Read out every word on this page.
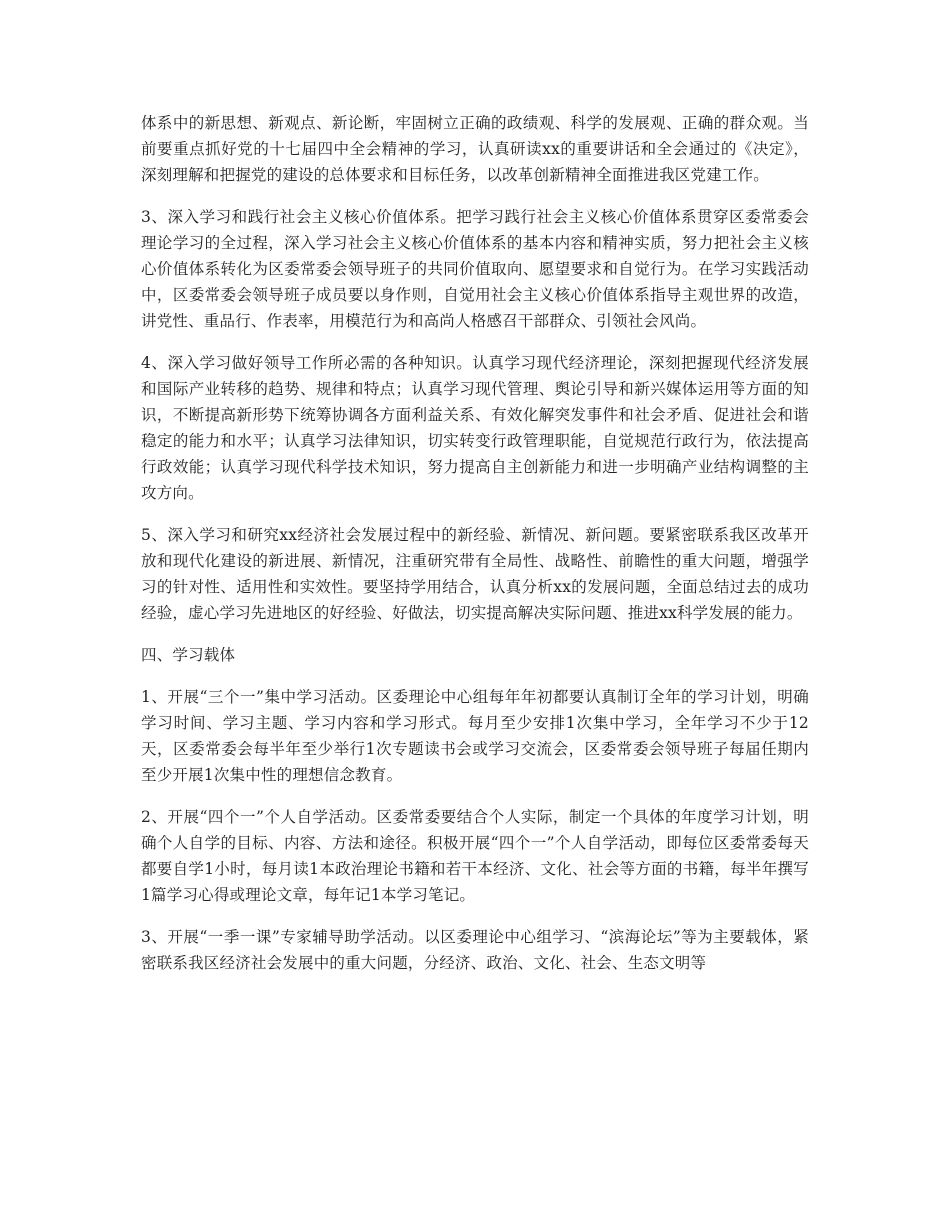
体系中的新思想、新观点、新论断，牢固树立正确的政绩观、科学的发展观、正确的群众观。当前要重点抓好党的十七届四中全会精神的学习，认真研读xx的重要讲话和全会通过的《决定》，深刻理解和把握党的建设的总体要求和目标任务，以改革创新精神全面推进我区党建工作。

3、深入学习和践行社会主义核心价值体系。把学习践行社会主义核心价值体系贯穿区委常委会理论学习的全过程，深入学习社会主义核心价值体系的基本内容和精神实质，努力把社会主义核心价值体系转化为区委常委会领导班子的共同价值取向、愿望要求和自觉行为。在学习实践活动中，区委常委会领导班子成员要以身作则，自觉用社会主义核心价值体系指导主观世界的改造，讲党性、重品行、作表率，用模范行为和高尚人格感召干部群众、引领社会风尚。

4、深入学习做好领导工作所必需的各种知识。认真学习现代经济理论，深刻把握现代经济发展和国际产业转移的趋势、规律和特点；认真学习现代管理、舆论引导和新兴媒体运用等方面的知识，不断提高新形势下统筹协调各方面利益关系、有效化解突发事件和社会矛盾、促进社会和谐稳定的能力和水平；认真学习法律知识，切实转变行政管理职能，自觉规范行政行为，依法提高行政效能；认真学习现代科学技术知识，努力提高自主创新能力和进一步明确产业结构调整的主攻方向。

5、深入学习和研究xx经济社会发展过程中的新经验、新情况、新问题。要紧密联系我区改革开放和现代化建设的新进展、新情况，注重研究带有全局性、战略性、前瞻性的重大问题，增强学习的针对性、适用性和实效性。要坚持学用结合，认真分析xx的发展问题，全面总结过去的成功经验，虚心学习先进地区的好经验、好做法，切实提高解决实际问题、推进xx科学发展的能力。

四、学习载体

1、开展“三个一”集中学习活动。区委理论中心组每年年初都要认真制订全年的学习计划，明确学习时间、学习主题、学习内容和学习形式。每月至少安排1次集中学习，全年学习不少于12天，区委常委会每半年至少举行1次专题读书会或学习交流会，区委常委会领导班子每届任期内至少开展1次集中性的理想信念教育。

2、开展“四个一”个人自学活动。区委常委要结合个人实际，制定一个具体的年度学习计划，明确个人自学的目标、内容、方法和途径。积极开展“四个一”个人自学活动，即每位区委常委每天都要自学1小时，每月读1本政治理论书籍和若干本经济、文化、社会等方面的书籍，每半年撰写1篇学习心得或理论文章，每年记1本学习笔记。

3、开展“一季一课”专家辅导助学活动。以区委理论中心组学习、“滨海论坛”等为主要载体，紧密联系我区经济社会发展中的重大问题，分经济、政治、文化、社会、生态文明等
